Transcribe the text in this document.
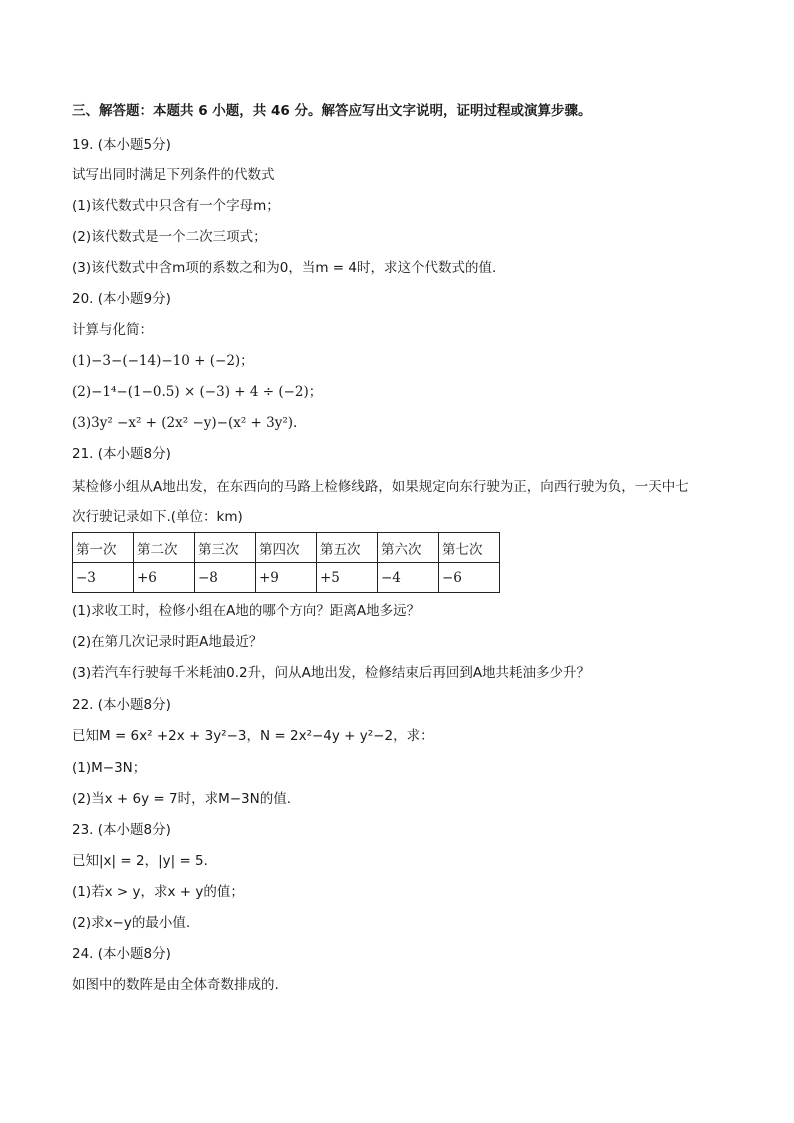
三、解答题：本题共 6 小题，共 46 分。解答应写出文字说明，证明过程或演算步骤。
19. (本小题5分)
试写出同时满足下列条件的代数式
(1)该代数式中只含有一个字母m；
(2)该代数式是一个二次三项式；
(3)该代数式中含m项的系数之和为0，当m = 4时，求这个代数式的值.
20. (本小题9分)
计算与化简：
(1)−3−(−14)−10 + (−2)；
(2)−1⁴−(1−0.5) × (−3) + 4 ÷ (−2)；
(3)3y² −x² + (2x² −y)−(x² + 3y²).
21. (本小题8分)
某检修小组从A地出发，在东西向的马路上检修线路，如果规定向东行驶为正，向西行驶为负，一天中七
次行驶记录如下.(单位：km)
第一次	第二次	第三次	第四次	第五次	第六次	第七次
−3	+6	−8	+9	+5	−4	−6
(1)求收工时，检修小组在A地的哪个方向？距离A地多远？
(2)在第几次记录时距A地最近？
(3)若汽车行驶每千米耗油0.2升，问从A地出发，检修结束后再回到A地共耗油多少升？
22. (本小题8分)
已知M = 6x² +2x + 3y²−3，N = 2x²−4y + y²−2，求：
(1)M−3N；
(2)当x + 6y = 7时，求M−3N的值.
23. (本小题8分)
已知|x| = 2，|y| = 5.
(1)若x > y，求x + y的值；
(2)求x−y的最小值.
24. (本小题8分)
如图中的数阵是由全体奇数排成的.
